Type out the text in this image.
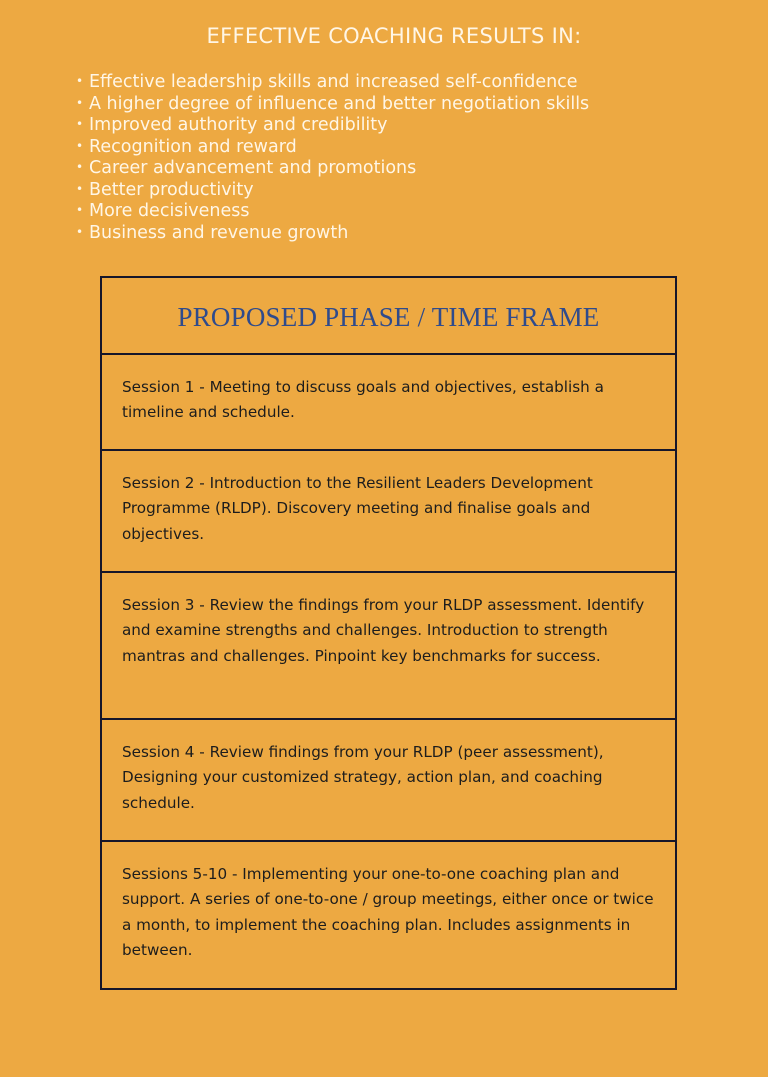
EFFECTIVE COACHING RESULTS IN:
• Effective leadership skills and increased self-confidence
• A higher degree of influence and better negotiation skills
• Improved authority and credibility
• Recognition and reward
• Career advancement and promotions
• Better productivity
• More decisiveness
• Business and revenue growth
PROPOSED PHASE / TIME FRAME
Session 1 - Meeting to discuss goals and objectives, establish a timeline and schedule.
Session 2 - Introduction to the Resilient Leaders Development Programme (RLDP). Discovery meeting and finalise goals and objectives.
Session 3 - Review the findings from your RLDP assessment. Identify and examine strengths and challenges. Introduction to strength mantras and challenges. Pinpoint key benchmarks for success.
Session 4 - Review findings from your RLDP (peer assessment), Designing your customized strategy, action plan, and coaching schedule.
Sessions 5-10 - Implementing your one-to-one coaching plan and support. A series of one-to-one / group meetings, either once or twice a month, to implement the coaching plan. Includes assignments in between.
